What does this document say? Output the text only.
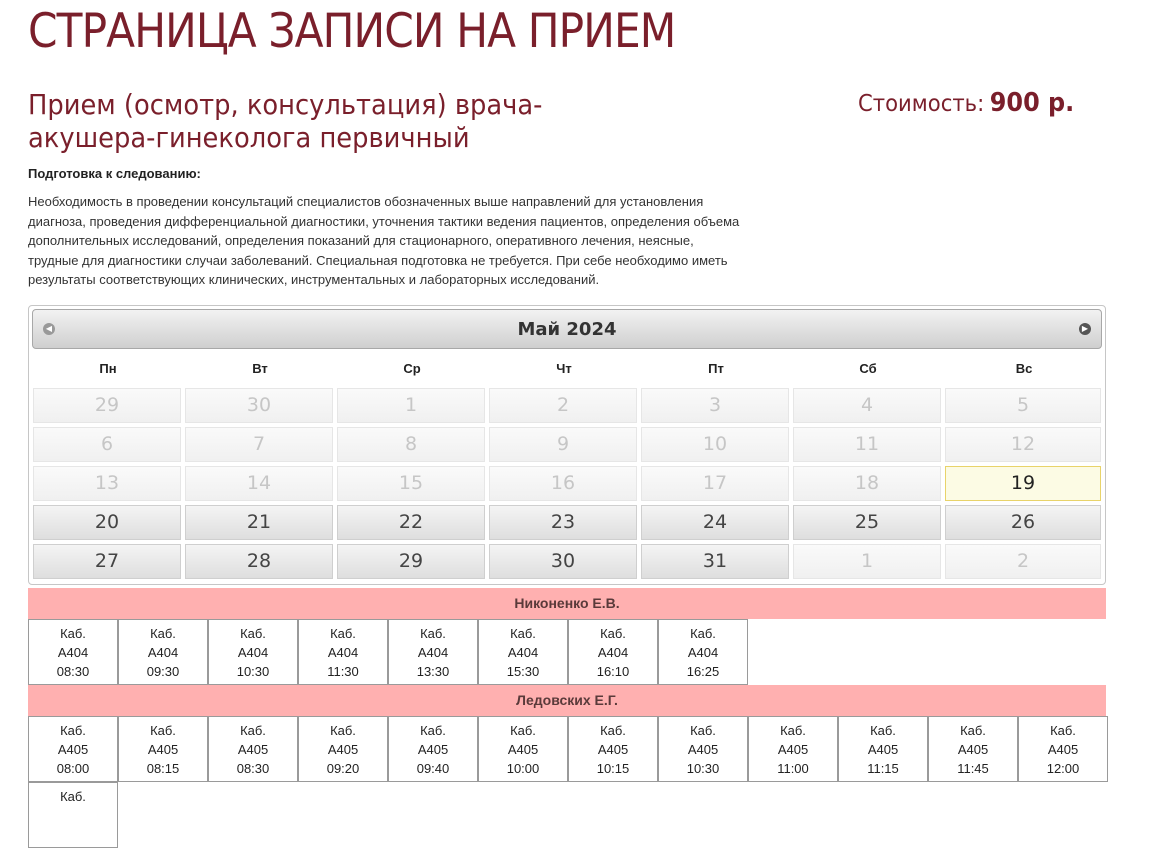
СТРАНИЦА ЗАПИСИ НА ПРИЕМ
Прием (осмотр, консультация) врача-акушера-гинеколога первичный
Стоимость: 900 р.
Подготовка к следованию:

Необходимость в проведении консультаций специалистов обозначенных выше направлений для установления диагноза, проведения дифференциальной диагностики, уточнения тактики ведения пациентов, определения объема дополнительных исследований, определения показаний для стационарного, оперативного лечения, неясные, трудные для диагностики случаи заболеваний. Специальная подготовка не требуется. При себе необходимо иметь результаты соответствующих клинических, инструментальных и лабораторных исследований.

◀	Май 2024	▶
Пн	Вт	Ср	Чт	Пт	Сб	Вс
29	30	1	2	3	4	5
6	7	8	9	10	11	12
13	14	15	16	17	18	19
20	21	22	23	24	25	26
27	28	29	30	31	1	2
Никоненко Е.В.
Каб.
А404
08:30
Каб.
А404
09:30
Каб.
А404
10:30
Каб.
А404
11:30
Каб.
А404
13:30
Каб.
А404
15:30
Каб.
А404
16:10
Каб.
А404
16:25
Ледовских Е.Г.
Каб.
А405
08:00
Каб.
А405
08:15
Каб.
А405
08:30
Каб.
А405
09:20
Каб.
А405
09:40
Каб.
А405
10:00
Каб.
А405
10:15
Каб.
А405
10:30
Каб.
А405
11:00
Каб.
А405
11:15
Каб.
А405
11:45
Каб.
А405
12:00
Каб.
